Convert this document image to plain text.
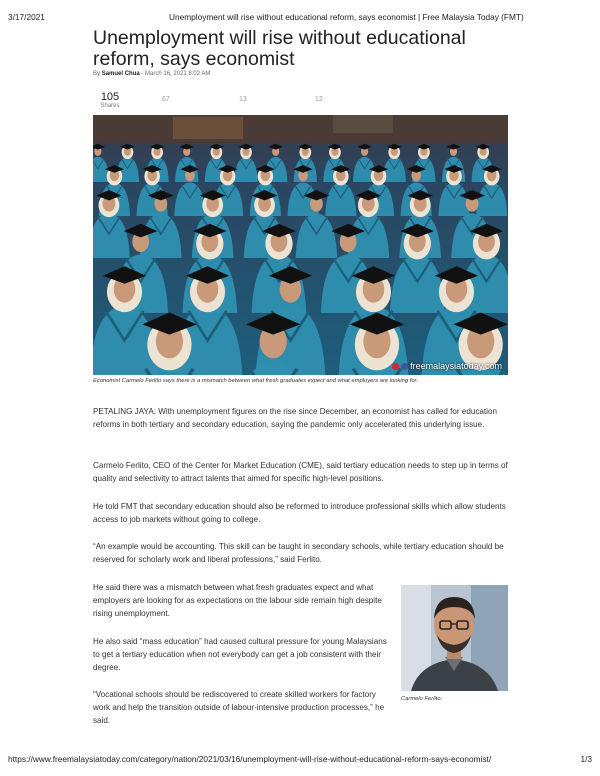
3/17/2021	Unemployment will rise without educational reform, says economist | Free Malaysia Today (FMT)
Unemployment will rise without educational reform, says economist
By Samuel Chua - March 16, 2021 8:02 AM
105
Shares
67	13	12
freemalaysiatoday.com
Economist Carmelo Ferlito says there is a mismatch between what fresh graduates expect and what employers are looking for.

PETALING JAYA: With unemployment figures on the rise since December, an economist has called for education reforms in both tertiary and secondary education, saying the pandemic only accelerated this underlying issue.

Carmelo Ferlito, CEO of the Center for Market Education (CME), said tertiary education needs to step up in terms of quality and selectivity to attract talents that aimed for specific high-level positions.

He told FMT that secondary education should also be reformed to introduce professional skills which allow students access to job markets without going to college.

“An example would be accounting. This skill can be taught in secondary schools, while tertiary education should be reserved for scholarly work and liberal professions,” said Ferlito.

He said there was a mismatch between what fresh graduates expect and what employers are looking for as expectations on the labour side remain high despite rising unemployment.

He also said “mass education” had caused cultural pressure for young Malaysians to get a tertiary education when not everybody can get a job consistent with their degree.

“Vocational schools should be rediscovered to create skilled workers for factory work and help the transition outside of labour-intensive production processes,” he said.

Carmelo Ferlito.
https://www.freemalaysiatoday.com/category/nation/2021/03/16/unemployment-will-rise-without-educational-reform-says-economist/	1/3
